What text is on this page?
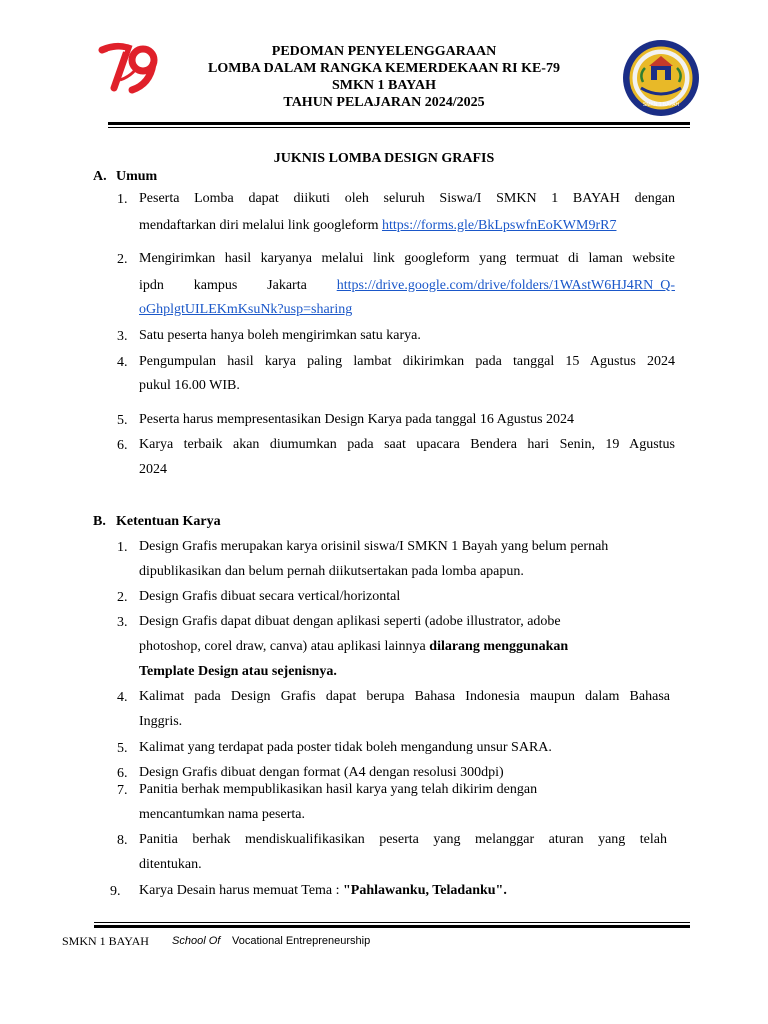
PEDOMAN PENYELENGGARAAN
LOMBA DALAM RANGKA KEMERDEKAAN RI KE-79
SMKN 1 BAYAH
TAHUN PELAJARAN 2024/2025	SMKN 1 BAYAH
JUKNIS LOMBA DESIGN GRAFIS
A. Umum
1. Peserta Lomba dapat diikuti oleh seluruh Siswa/I SMKN 1 BAYAH dengan
mendaftarkan diri melalui link googleform https://forms.gle/BkLpswfnEoKWM9rR7
2. Mengirimkan hasil karyanya melalui link googleform yang termuat di laman website
ipdn kampus Jakarta https://drive.google.com/drive/folders/1WAstW6HJ4RN_Q-
oGhplgtUILEKmKsuNk?usp=sharing
3. Satu peserta hanya boleh mengirimkan satu karya.
4. Pengumpulan hasil karya paling lambat dikirimkan pada tanggal 15 Agustus 2024
pukul 16.00 WIB.
5. Peserta harus mempresentasikan Design Karya pada tanggal 16 Agustus 2024
6. Karya terbaik akan diumumkan pada saat upacara Bendera hari Senin, 19 Agustus
2024
B. Ketentuan Karya
1. Design Grafis merupakan karya orisinil siswa/I SMKN 1 Bayah yang belum pernah
dipublikasikan dan belum pernah diikutsertakan pada lomba apapun.
2. Design Grafis dibuat secara vertical/horizontal
3. Design Grafis dapat dibuat dengan aplikasi seperti (adobe illustrator, adobe
photoshop, corel draw, canva) atau aplikasi lainnya dilarang menggunakan
Template Design atau sejenisnya.
4. Kalimat pada Design Grafis dapat berupa Bahasa Indonesia maupun dalam Bahasa
Inggris.
5. Kalimat yang terdapat pada poster tidak boleh mengandung unsur SARA.
6. Design Grafis dibuat dengan format (A4 dengan resolusi 300dpi)
7. Panitia berhak mempublikasikan hasil karya yang telah dikirim dengan
mencantumkan nama peserta.
8. Panitia berhak mendiskualifikasikan peserta yang melanggar aturan yang telah
ditentukan.
9. Karya Desain harus memuat Tema : "Pahlawanku, Teladanku".
SMKN 1 BAYAH School Of Vocational Entrepreneurship
